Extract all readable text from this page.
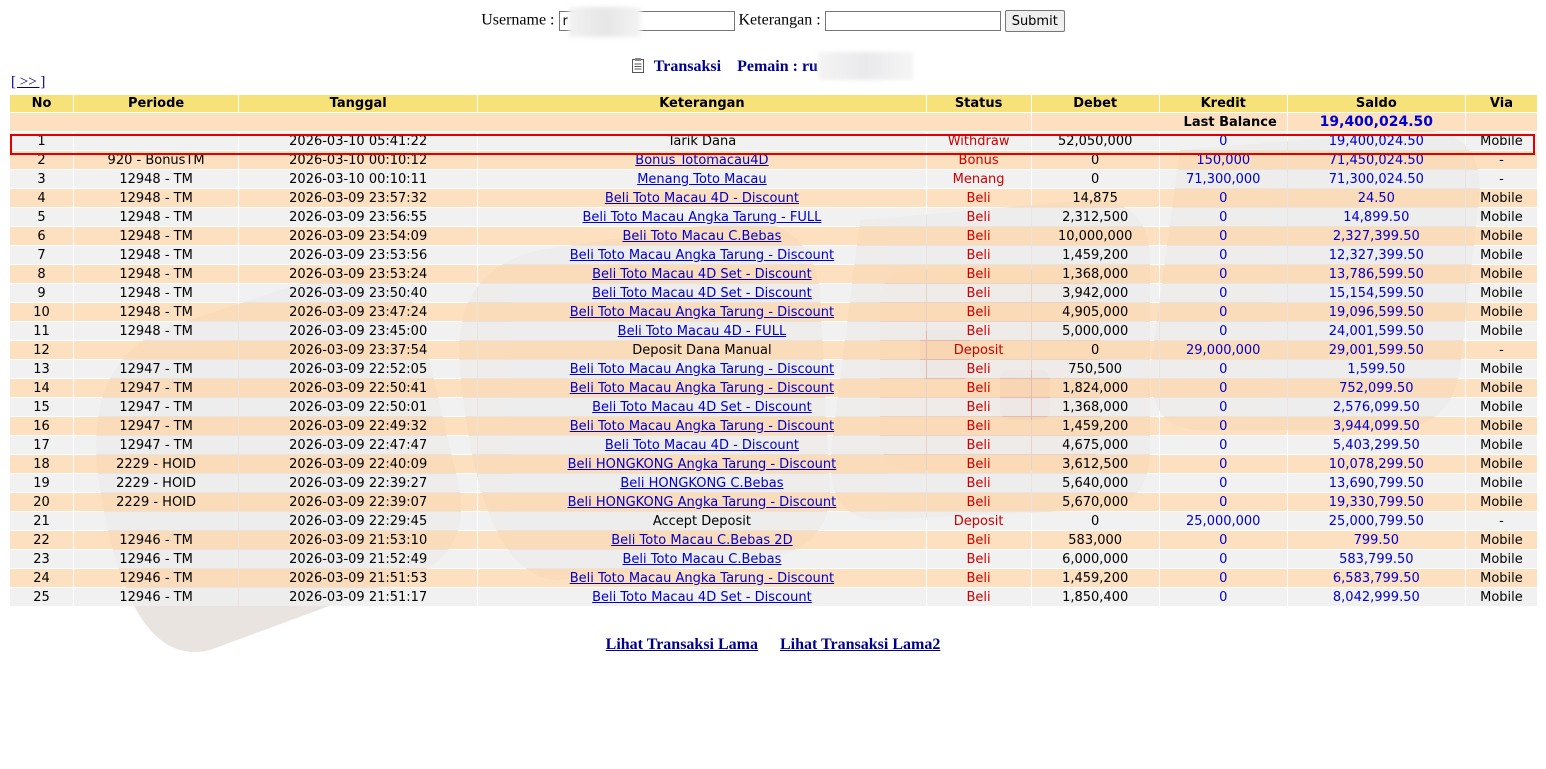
Username : r	Keterangan :	Submit
Transaksi Pemain : ru
[ >> ]
No	Periode	Tanggal	Keterangan	Status	Debet	Kredit	Saldo	Via
					Last Balance		19,400,024.50	
1		2026-03-10 05:41:22	Tarik Dana	Withdraw	52,050,000	0	19,400,024.50	Mobile
2	920 - BonusTM	2026-03-10 00:10:12	Bonus Totomacau4D	Bonus	0	150,000	71,450,024.50	-
3	12948 - TM	2026-03-10 00:10:11	Menang Toto Macau	Menang	0	71,300,000	71,300,024.50	-
4	12948 - TM	2026-03-09 23:57:32	Beli Toto Macau 4D - Discount	Beli	14,875	0	24.50	Mobile
5	12948 - TM	2026-03-09 23:56:55	Beli Toto Macau Angka Tarung - FULL	Beli	2,312,500	0	14,899.50	Mobile
6	12948 - TM	2026-03-09 23:54:09	Beli Toto Macau C.Bebas	Beli	10,000,000	0	2,327,399.50	Mobile
7	12948 - TM	2026-03-09 23:53:56	Beli Toto Macau Angka Tarung - Discount	Beli	1,459,200	0	12,327,399.50	Mobile
8	12948 - TM	2026-03-09 23:53:24	Beli Toto Macau 4D Set - Discount	Beli	1,368,000	0	13,786,599.50	Mobile
9	12948 - TM	2026-03-09 23:50:40	Beli Toto Macau 4D Set - Discount	Beli	3,942,000	0	15,154,599.50	Mobile
10	12948 - TM	2026-03-09 23:47:24	Beli Toto Macau Angka Tarung - Discount	Beli	4,905,000	0	19,096,599.50	Mobile
11	12948 - TM	2026-03-09 23:45:00	Beli Toto Macau 4D - FULL	Beli	5,000,000	0	24,001,599.50	Mobile
12		2026-03-09 23:37:54	Deposit Dana Manual	Deposit	0	29,000,000	29,001,599.50	-
13	12947 - TM	2026-03-09 22:52:05	Beli Toto Macau Angka Tarung - Discount	Beli	750,500	0	1,599.50	Mobile
14	12947 - TM	2026-03-09 22:50:41	Beli Toto Macau Angka Tarung - Discount	Beli	1,824,000	0	752,099.50	Mobile
15	12947 - TM	2026-03-09 22:50:01	Beli Toto Macau 4D Set - Discount	Beli	1,368,000	0	2,576,099.50	Mobile
16	12947 - TM	2026-03-09 22:49:32	Beli Toto Macau Angka Tarung - Discount	Beli	1,459,200	0	3,944,099.50	Mobile
17	12947 - TM	2026-03-09 22:47:47	Beli Toto Macau 4D - Discount	Beli	4,675,000	0	5,403,299.50	Mobile
18	2229 - HOID	2026-03-09 22:40:09	Beli HONGKONG Angka Tarung - Discount	Beli	3,612,500	0	10,078,299.50	Mobile
19	2229 - HOID	2026-03-09 22:39:27	Beli HONGKONG C.Bebas	Beli	5,640,000	0	13,690,799.50	Mobile
20	2229 - HOID	2026-03-09 22:39:07	Beli HONGKONG Angka Tarung - Discount	Beli	5,670,000	0	19,330,799.50	Mobile
21		2026-03-09 22:29:45	Accept Deposit	Deposit	0	25,000,000	25,000,799.50	-
22	12946 - TM	2026-03-09 21:53:10	Beli Toto Macau C.Bebas 2D	Beli	583,000	0	799.50	Mobile
23	12946 - TM	2026-03-09 21:52:49	Beli Toto Macau C.Bebas	Beli	6,000,000	0	583,799.50	Mobile
24	12946 - TM	2026-03-09 21:51:53	Beli Toto Macau Angka Tarung - Discount	Beli	1,459,200	0	6,583,799.50	Mobile
25	12946 - TM	2026-03-09 21:51:17	Beli Toto Macau 4D Set - Discount	Beli	1,850,400	0	8,042,999.50	Mobile
Lihat Transaksi Lama Lihat Transaksi Lama2
